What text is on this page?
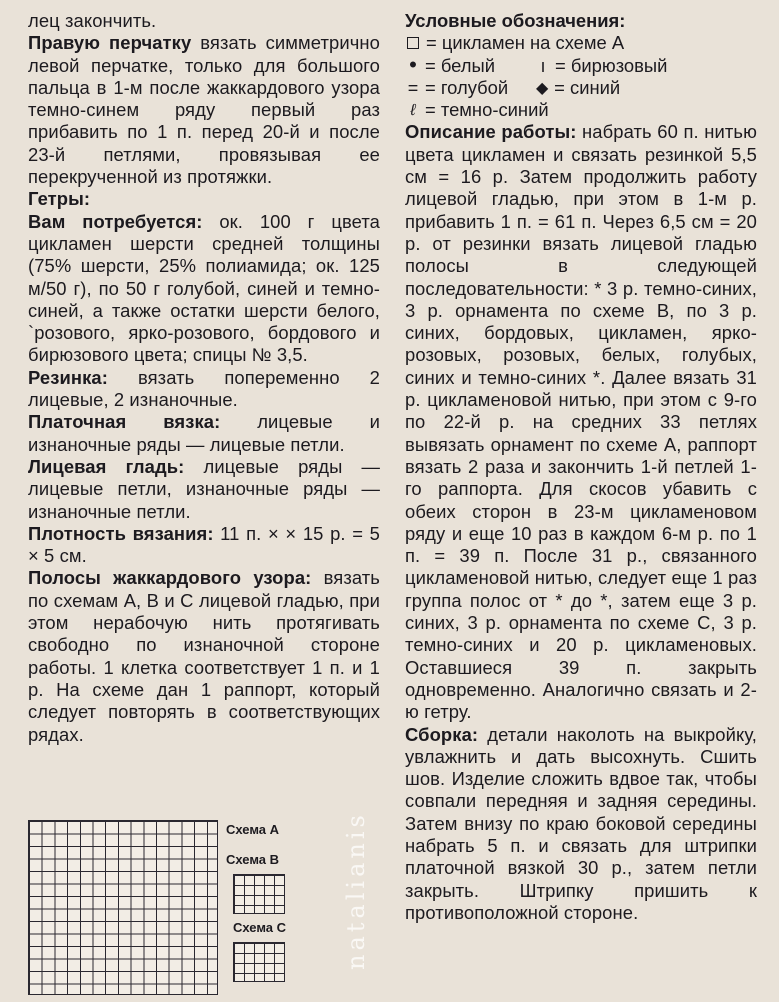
лец закончить.

Правую перчатку вязать симметрично левой перчатке, только для большого пальца в 1-м после жаккардового узора темно-синем ряду первый раз прибавить по 1 п. перед 20-й и после 23-й петлями, провязывая ее перекрученной из протяжки.

Гетры:

Вам потребуется: ок. 100 г цвета цикламен шерсти средней толщины (75% шерсти, 25% полиамида; ок. 125 м/50 г), по 50 г голубой, синей и темно-синей, а также остатки шерсти белого, `розового, ярко-розового, бордового и бирюзового цвета; спицы № 3,5.

Резинка: вязать попеременно 2 лицевые, 2 изнаночные.

Платочная вязка: лицевые и изнаночные ряды — лицевые петли.

Лицевая гладь: лицевые ряды — лицевые петли, изнаночные ряды — изнаночные петли.

Плотность вязания: 11 п. × × 15 р. = 5 × 5 см.

Полосы жаккардового узора: вязать по схемам А, В и С лицевой гладью, при этом нерабочую нить протягивать свободно по изнаночной стороне работы. 1 клетка соответствует 1 п. и 1 р. На схеме дан 1 раппорт, который следует повторять в соответствующих рядах.

Схема А
Схема В
Схема С natalianis
Условные обозначения:
= цикламен на схеме А
•
= белый ı	= бирюзовый
=
= голубой ◆	= синий
ℓ
= темно-синий

Описание работы: набрать 60 п. нитью цвета цикламен и связать резинкой 5,5 см = 16 р. Затем продолжить работу лицевой гладью, при этом в 1-м р. прибавить 1 п. = 61 п. Через 6,5 см = 20 р. от резинки вязать лицевой гладью полосы в следующей последовательности: * 3 р. темно-синих, 3 р. орнамента по схеме В, по 3 р. синих, бордовых, цикламен, ярко-розовых, розовых, белых, голубых, синих и темно-синих *. Далее вязать 31 р. цикламеновой нитью, при этом с 9-го по 22-й р. на средних 33 петлях вывязать орнамент по схеме А, раппорт вязать 2 раза и закончить 1-й петлей 1-го раппорта. Для скосов убавить с обеих сторон в 23-м цикламеновом ряду и еще 10 раз в каждом 6-м р. по 1 п. = 39 п. После 31 р., связанного цикламеновой нитью, следует еще 1 раз группа полос от * до *, затем еще 3 р. синих, 3 р. орнамента по схеме С, 3 р. темно-синих и 20 р. цикламеновых. Оставшиеся 39 п. закрыть одновременно. Аналогично связать и 2-ю гетру.

Сборка: детали наколоть на выкройку, увлажнить и дать высохнуть. Сшить шов. Изделие сложить вдвое так, чтобы совпали передняя и задняя середины. Затем внизу по краю боковой середины набрать 5 п. и связать для штрипки платочной вязкой 30 р., затем петли закрыть. Штрипку пришить к противоположной стороне.
